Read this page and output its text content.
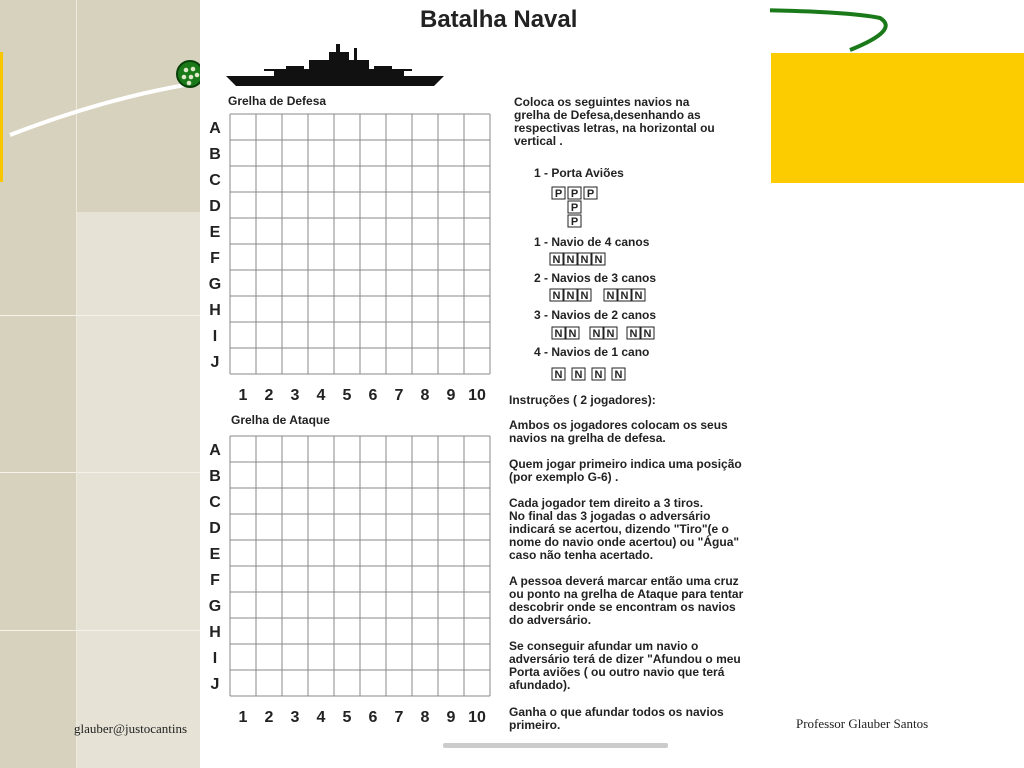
Batalha Naval
Grelha de Defesa
Grelha de Ataque
A
B
C
D
E
F
G
H
I
J
1 2 3 4 5 6 7 8 9 10
A
B
C
D
E
F
G
H
I
J
1 2 3 4 5 6 7 8 9 10
Coloca os seguintes navios na
grelha de Defesa,desenhando as
respectivas letras, na horizontal ou
vertical .
1 - Porta Aviões
1 - Navio de 4 canos
2 - Navios de 3 canos
3 - Navios de 2 canos
4 - Navios de 1 cano
P P P
P
P
N N N N
N N N N N N
N N N N N N
N N N N
Instruções ( 2 jogadores):
Ambos os jogadores colocam os seus
navios na grelha de defesa.
Quem jogar primeiro indica uma posição
(por exemplo G-6) .
Cada jogador tem direito a 3 tiros.
No final das 3 jogadas o adversário
indicará se acertou, dizendo "Tiro"(e o
nome do navio onde acertou) ou "Água"
caso não tenha acertado.
A pessoa deverá marcar então uma cruz
ou ponto na grelha de Ataque para tentar
descobrir onde se encontram os navios
do adversário.
Se conseguir afundar um navio o
adversário terá de dizer "Afundou o meu
Porta aviões ( ou outro navio que terá
afundado).
Ganha o que afundar todos os navios
primeiro.
glauber@justocantins	Professor Glauber Santos
